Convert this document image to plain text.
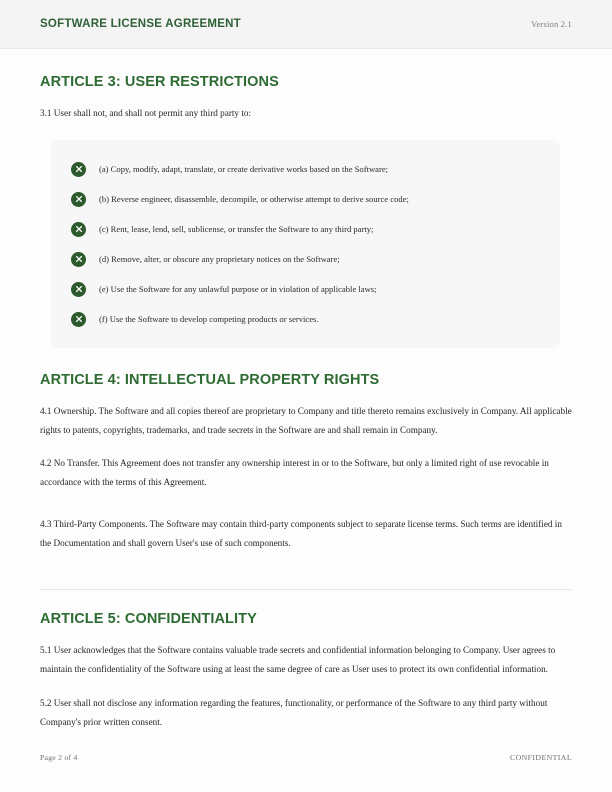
SOFTWARE LICENSE AGREEMENT	Version 2.1
ARTICLE 3: USER RESTRICTIONS

3.1 User shall not, and shall not permit any third party to:

(a) Copy, modify, adapt, translate, or create derivative works based on the Software;
(b) Reverse engineer, disassemble, decompile, or otherwise attempt to derive source code;
(c) Rent, lease, lend, sell, sublicense, or transfer the Software to any third party;
(d) Remove, alter, or obscure any proprietary notices on the Software;
(e) Use the Software for any unlawful purpose or in violation of applicable laws;
(f) Use the Software to develop competing products or services.
ARTICLE 4: INTELLECTUAL PROPERTY RIGHTS

4.1 Ownership. The Software and all copies thereof are proprietary to Company and title thereto remains exclusively in Company. All applicable rights to patents, copyrights, trademarks, and trade secrets in the Software are and shall remain in Company.

4.2 No Transfer. This Agreement does not transfer any ownership interest in or to the Software, but only a limited right of use revocable in accordance with the terms of this Agreement.

4.3 Third-Party Components. The Software may contain third-party components subject to separate license terms. Such terms are identified in the Documentation and shall govern User's use of such components.

ARTICLE 5: CONFIDENTIALITY

5.1 User acknowledges that the Software contains valuable trade secrets and confidential information belonging to Company. User agrees to maintain the confidentiality of the Software using at least the same degree of care as User uses to protect its own confidential information.

5.2 User shall not disclose any information regarding the features, functionality, or performance of the Software to any third party without Company's prior written consent.

Page 2 of 4	CONFIDENTIAL
